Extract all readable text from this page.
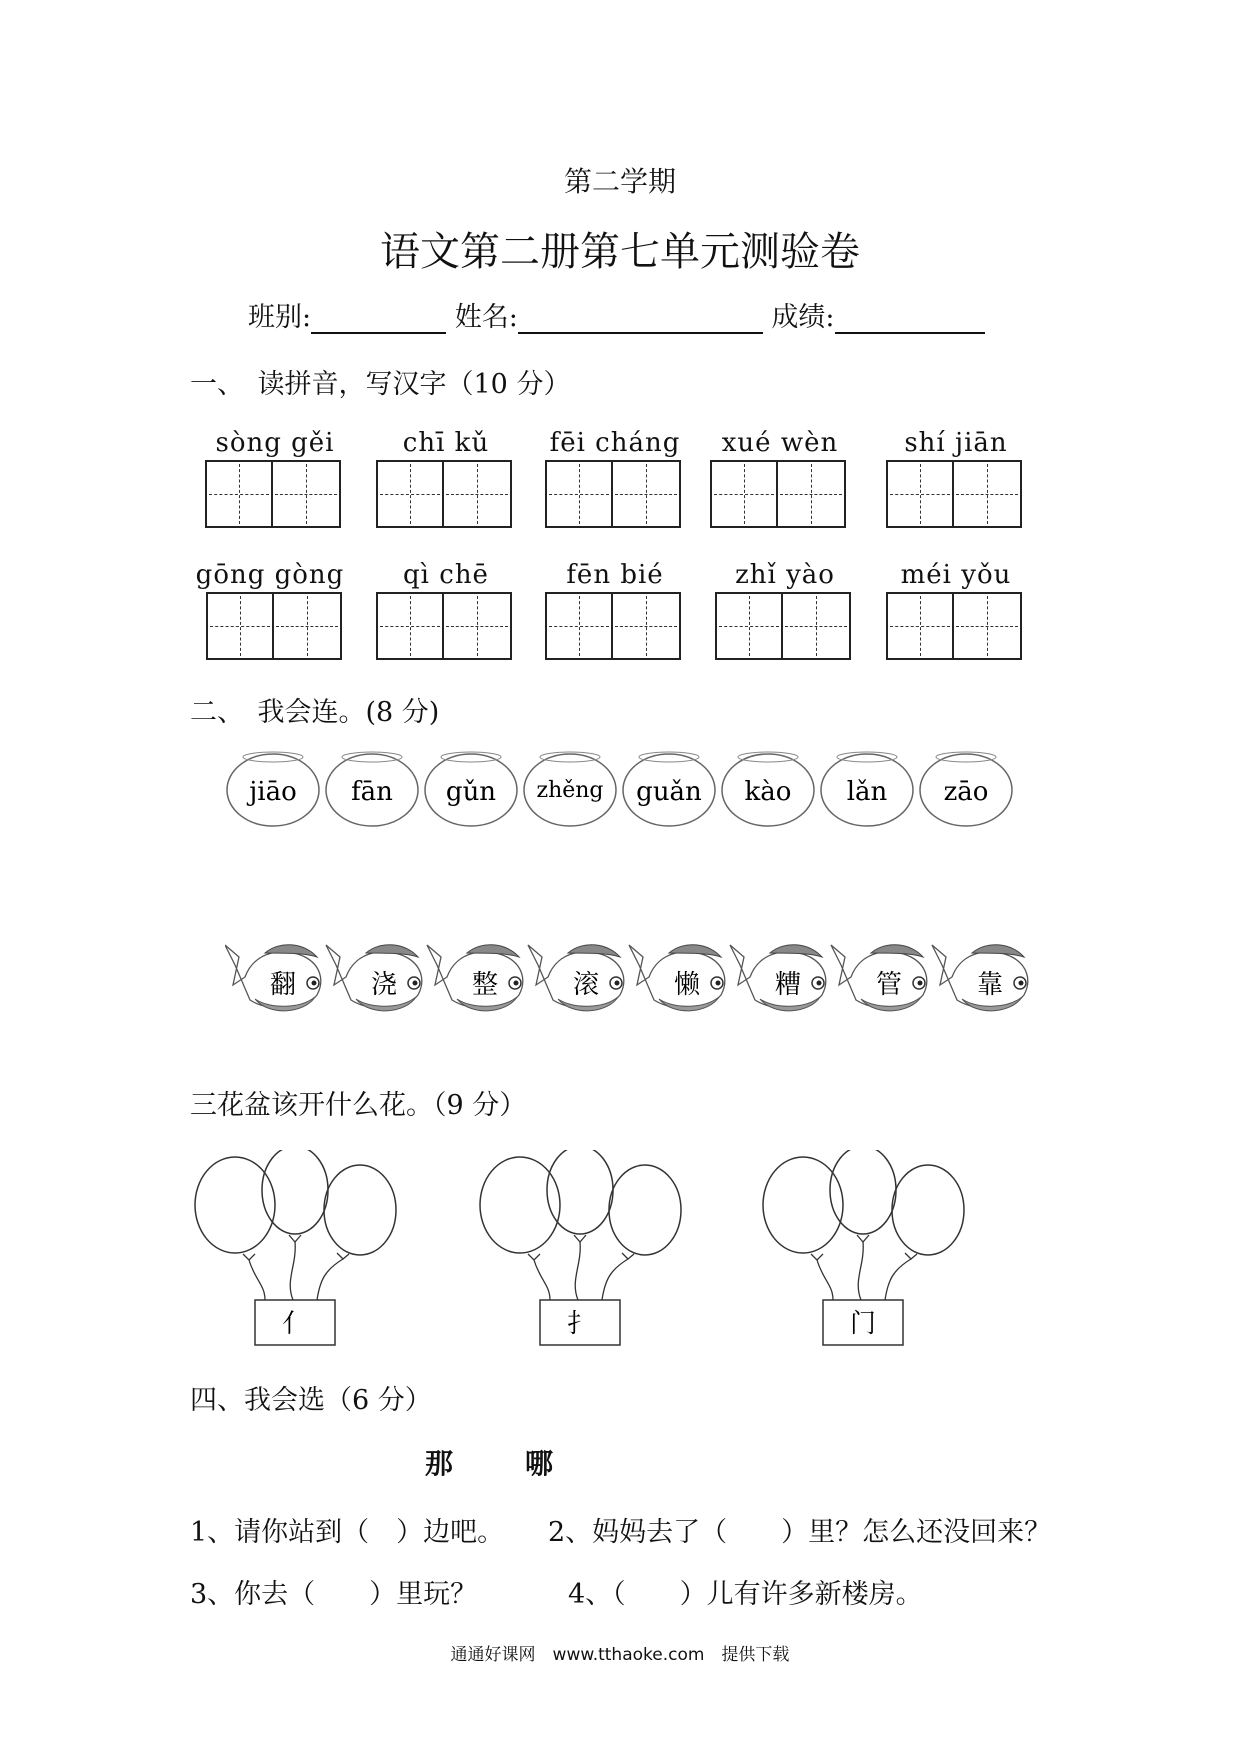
第二学期
语文第二册第七单元测验卷
班别:	姓名:	成绩:
一、　读拼音，写汉字（10 分）
sòng gěi	chī kǔ	fēi cháng	xué wèn	shí jiān
gōng gòng	qì chē	fēn bié	zhǐ yào	méi yǒu
二、　我会连。(8 分)
jiāo fān gǔn zhěng guǎn kào lǎn zāo
翻	浇	整	滚	懒	糟	管	靠
三花盆该开什么花。（9 分）
亻	扌	门
四、我会选（6 分）
那	哪
1、请你站到（　）边吧。 2、妈妈去了（　　）里？怎么还没回来？
3、你去（　　）里玩？	4、（　　）儿有许多新楼房。
通通好课网　www.tthaoke.com　提供下载
